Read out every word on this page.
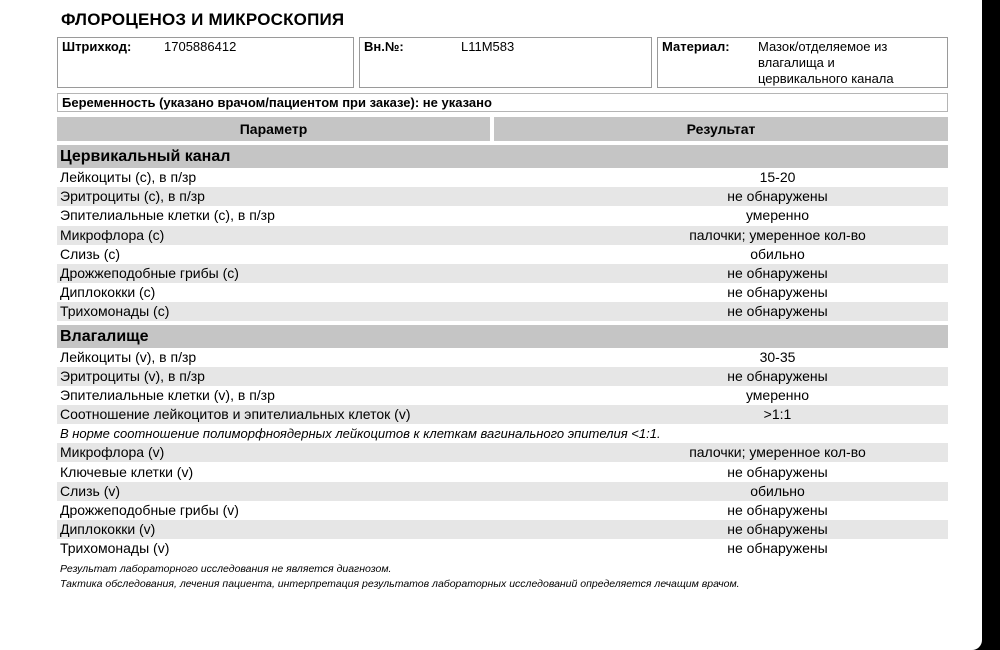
ФЛОРОЦЕНОЗ И МИКРОСКОПИЯ
Штрихкод:	1705886412	Вн.№:	L11M583	Материал: Мазок/отделяемое из
влагалища и
цервикального канала
Беременность (указано врачом/пациентом при заказе): не указано
Параметр	Результат
Цервикальный канал
Лейкоциты (с), в п/зр	15-20
Эритроциты (с), в п/зр	не обнаружены
Эпителиальные клетки (с), в п/зр	умеренно
Микрофлора (с)	палочки; умеренное кол-во
Слизь (с)	обильно
Дрожжеподобные грибы (с)	не обнаружены
Диплококки (с)	не обнаружены
Трихомонады (с)	не обнаружены
Влагалище
Лейкоциты (v), в п/зр	30-35
Эритроциты (v), в п/зр	не обнаружены
Эпителиальные клетки (v), в п/зр	умеренно
Соотношение лейкоцитов и эпителиальных клеток (v)	>1:1
В норме соотношение полиморфноядерных лейкоцитов к клеткам вагинального эпителия <1:1.
Микрофлора (v)	палочки; умеренное кол-во
Ключевые клетки (v)	не обнаружены
Слизь (v)	обильно
Дрожжеподобные грибы (v)	не обнаружены
Диплококки (v)	не обнаружены
Трихомонады (v)	не обнаружены
Результат лабораторного исследования не является диагнозом.
Тактика обследования, лечения пациента, интерпретация результатов лабораторных исследований определяется лечащим врачом.
